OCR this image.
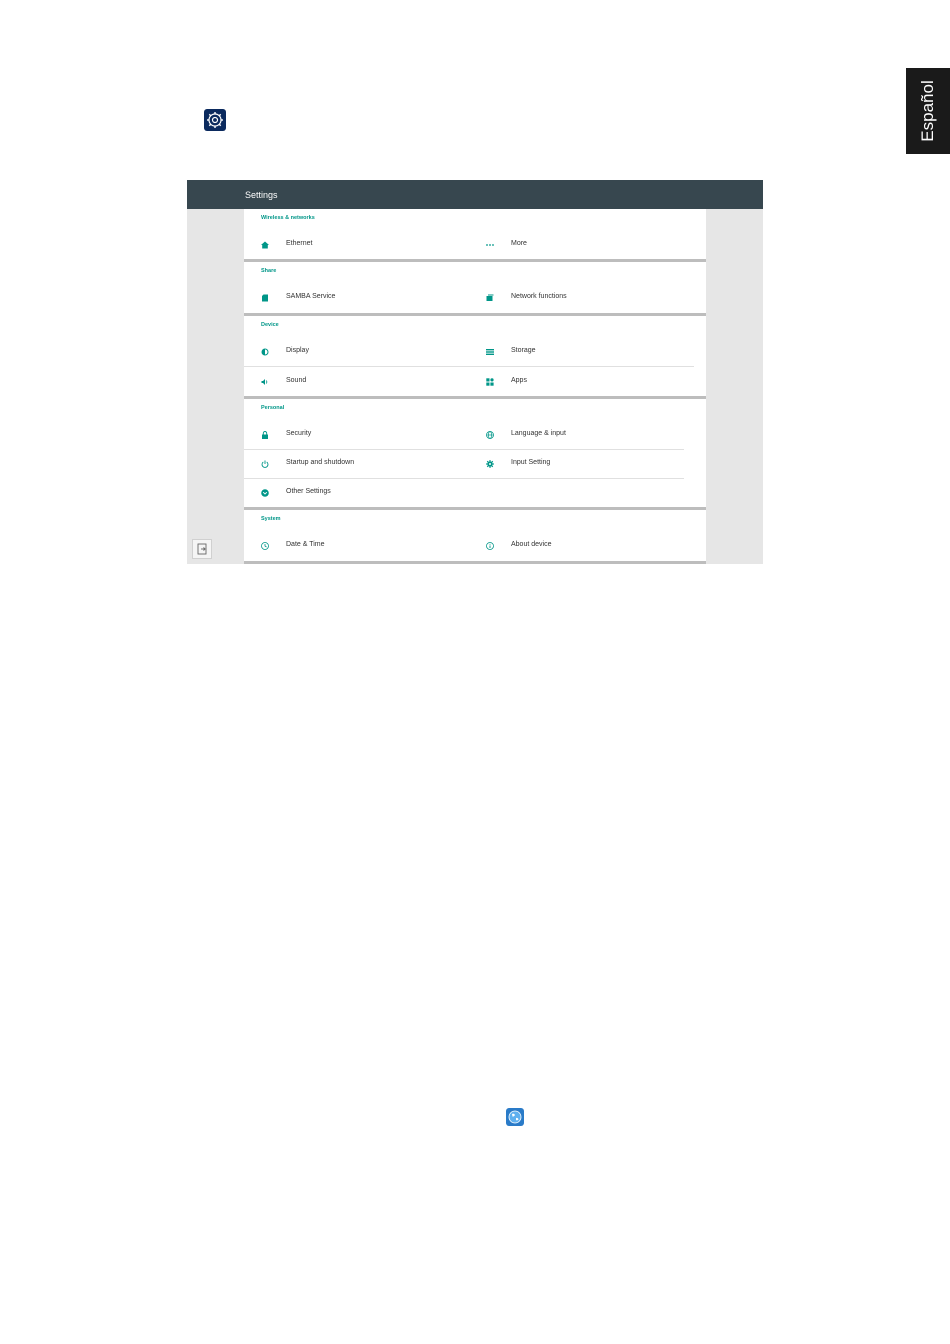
Español
Settings
Wireless & networks
Ethernet	More
Share
SAMBA Service	Network functions
Device
Display	Storage
Sound	Apps
Personal
Security	Language & input
Startup and shutdown	Input Setting
Other Settings
System
Date & Time	About device
